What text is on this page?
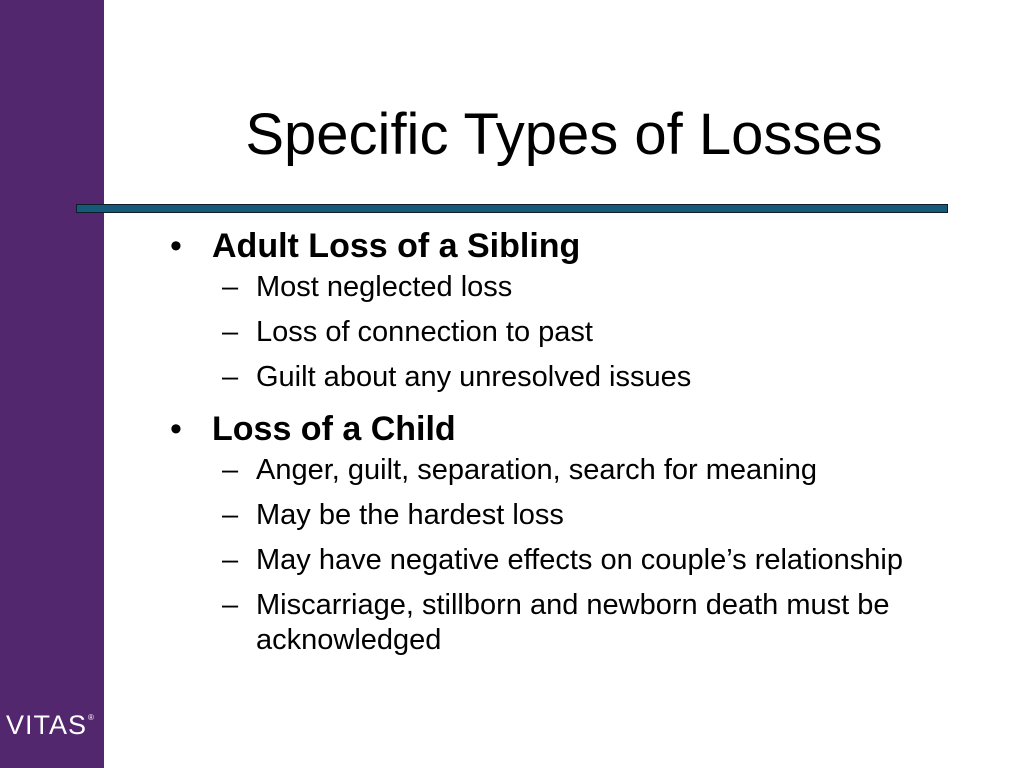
VITAS®
Specific Types of Losses
• Adult Loss of a Sibling
– Most neglected loss
– Loss of connection to past
– Guilt about any unresolved issues
• Loss of a Child
– Anger, guilt, separation, search for meaning
– May be the hardest loss
– May have negative effects on couple’s relationship
– Miscarriage, stillborn and newborn death must be acknowledged
